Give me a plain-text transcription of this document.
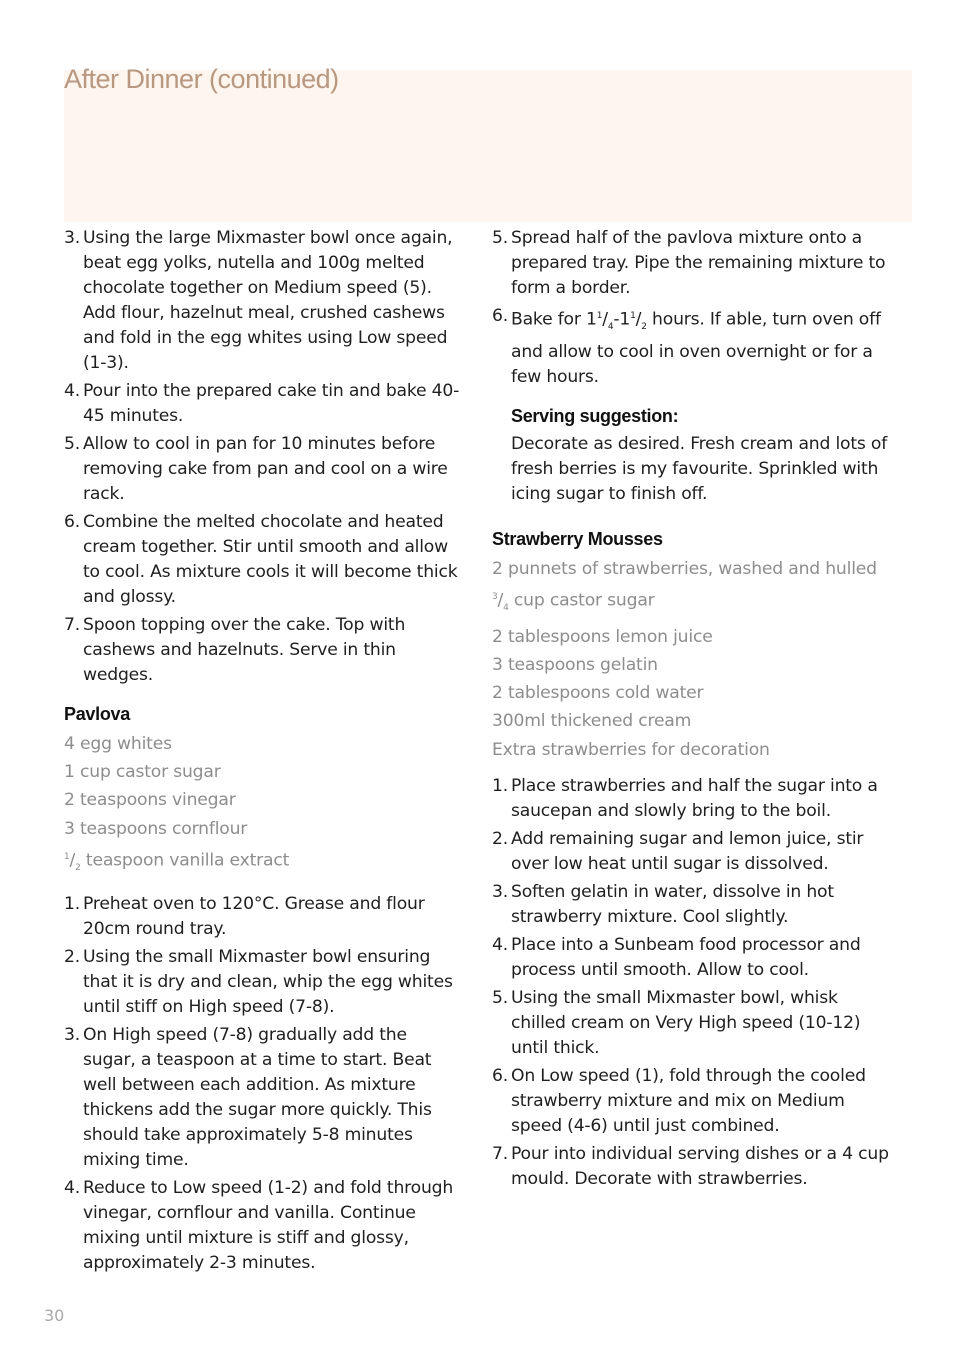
After Dinner (continued)
3. Using the large Mixmaster bowl once again, beat egg yolks, nutella and 100g melted chocolate together on Medium speed (5). Add flour, hazelnut meal, crushed cashews and fold in the egg whites using Low speed (1-3).
4. Pour into the prepared cake tin and bake 40-45 minutes.
5. Allow to cool in pan for 10 minutes before removing cake from pan and cool on a wire rack.
6. Combine the melted chocolate and heated cream together. Stir until smooth and allow to cool. As mixture cools it will become thick and glossy.
7. Spoon topping over the cake. Top with cashews and hazelnuts. Serve in thin wedges.
Pavlova
4 egg whites
1 cup castor sugar
2 teaspoons vinegar
3 teaspoons cornflour
$^1/_2$ teaspoon vanilla extract
1. Preheat oven to 120°C. Grease and flour 20cm round tray.
2. Using the small Mixmaster bowl ensuring that it is dry and clean, whip the egg whites until stiff on High speed (7-8).
3. On High speed (7-8) gradually add the sugar, a teaspoon at a time to start. Beat well between each addition. As mixture thickens add the sugar more quickly. This should take approximately 5-8 minutes mixing time.
4. Reduce to Low speed (1-2) and fold through vinegar, cornflour and vanilla. Continue mixing until mixture is stiff and glossy, approximately 2-3 minutes.
5. Spread half of the pavlova mixture onto a prepared tray. Pipe the remaining mixture to form a border.
6. Bake for $1^1/_4-1^1/_2$ hours. If able, turn oven off and allow to cool in oven overnight or for a few hours.
Serving suggestion:

Decorate as desired. Fresh cream and lots of fresh berries is my favourite. Sprinkled with icing sugar to finish off.

Strawberry Mousses
2 punnets of strawberries, washed and hulled
$^3/_4$ cup castor sugar
2 tablespoons lemon juice
3 teaspoons gelatin
2 tablespoons cold water
300ml thickened cream
Extra strawberries for decoration
1. Place strawberries and half the sugar into a saucepan and slowly bring to the boil.
2. Add remaining sugar and lemon juice, stir over low heat until sugar is dissolved.
3. Soften gelatin in water, dissolve in hot strawberry mixture. Cool slightly.
4. Place into a Sunbeam food processor and process until smooth. Allow to cool.
5. Using the small Mixmaster bowl, whisk chilled cream on Very High speed (10-12) until thick.
6. On Low speed (1), fold through the cooled strawberry mixture and mix on Medium speed (4-6) until just combined.
7. Pour into individual serving dishes or a 4 cup mould. Decorate with strawberries.
30
